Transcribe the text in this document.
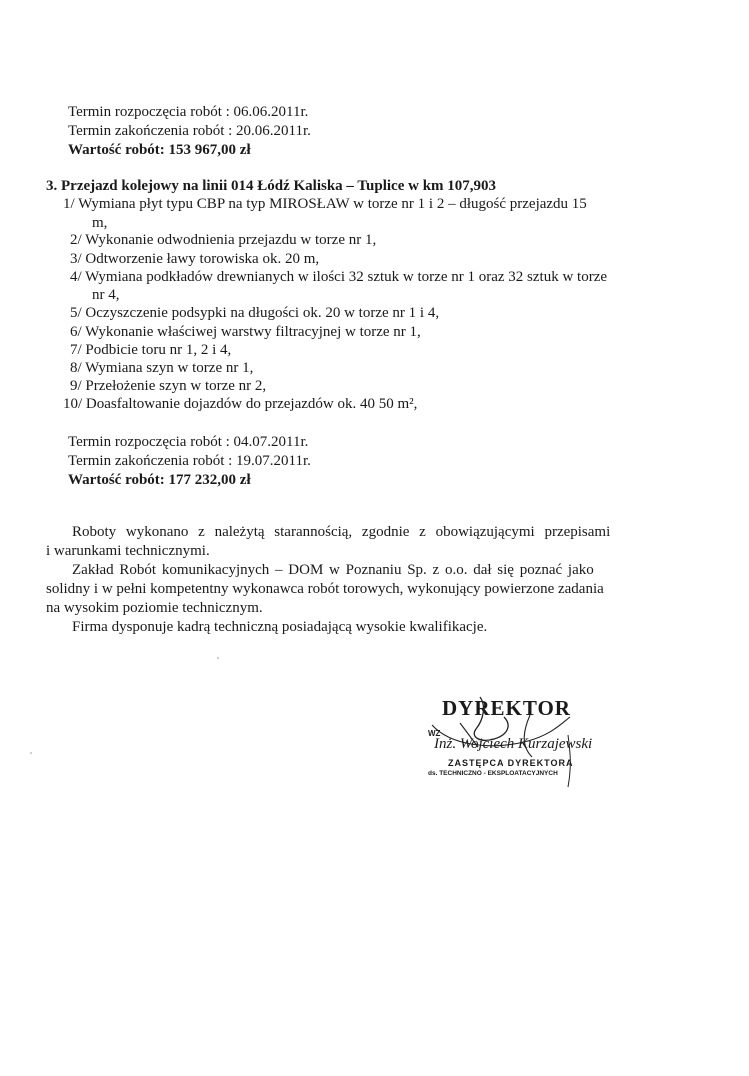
Termin rozpoczęcia robót : 06.06.2011r.
Termin zakończenia robót : 20.06.2011r.
Wartość robót: 153 967,00 zł
3. Przejazd kolejowy na linii 014 Łódź Kaliska – Tuplice w km 107,903
1/ Wymiana płyt typu CBP na typ MIROSŁAW w torze nr 1 i 2 – długość przejazdu 15
m,
2/ Wykonanie odwodnienia przejazdu w torze nr 1,
3/ Odtworzenie ławy torowiska ok. 20 m,
4/ Wymiana podkładów drewnianych w ilości 32 sztuk w torze nr 1 oraz 32 sztuk w torze
nr 4,
5/ Oczyszczenie podsypki na długości ok. 20 w torze nr 1 i 4,
6/ Wykonanie właściwej warstwy filtracyjnej w torze nr 1,
7/ Podbicie toru nr 1, 2 i 4,
8/ Wymiana szyn w torze nr 1,
9/ Przełożenie szyn w torze nr 2,
10/ Doasfaltowanie dojazdów do przejazdów ok. 40 50 m²,
Termin rozpoczęcia robót : 04.07.2011r.
Termin zakończenia robót : 19.07.2011r.
Wartość robót: 177 232,00 zł
Roboty wykonano z należytą starannością, zgodnie z obowiązującymi przepisami
i warunkami technicznymi.
Zakład Robót komunikacyjnych – DOM w Poznaniu Sp. z o.o. dał się poznać jako
solidny i w pełni kompetentny wykonawca robót torowych, wykonujący powierzone zadania
na wysokim poziomie technicznym.
Firma dysponuje kadrą techniczną posiadającą wysokie kwalifikacje.
DYREKTOR
WZ
Inż. Wojciech Kurzajewski
ZASTĘPCA DYREKTORA
ds. TECHNICZNO - EKSPLOATACYJNYCH
